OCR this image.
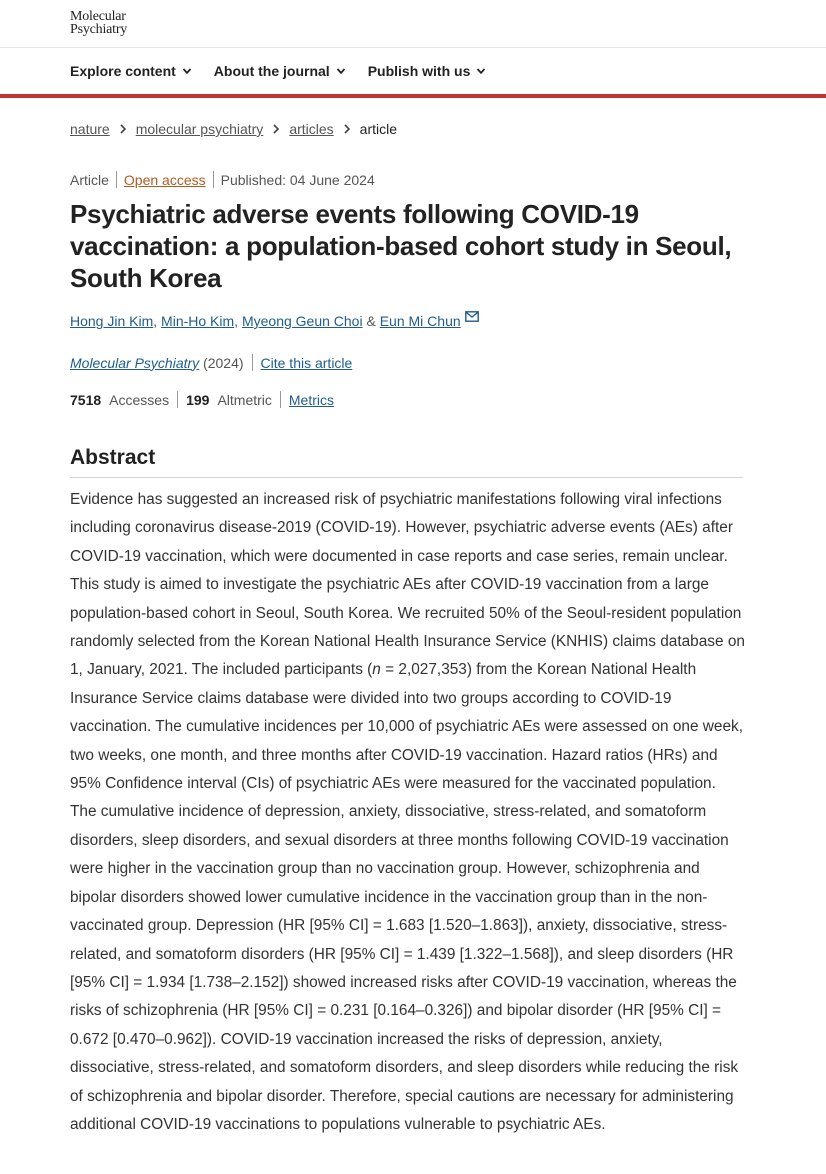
Molecular
Psychiatry
Explore content	About the journal	Publish with us
nature molecular psychiatry articles article
Article Open access Published: 04 June 2024
Psychiatric adverse events following COVID-19 vaccination: a population-based cohort study in Seoul, South Korea
Hong Jin Kim ,
Min-Ho Kim ,
Myeong Geun Choi
&
Eun Mi Chun
Molecular Psychiatry
(2024) Cite this article
7518 Accesses 199 Altmetric Metrics
Abstract

Evidence has suggested an increased risk of psychiatric manifestations following viral infections including coronavirus disease-2019 (COVID-19). However, psychiatric adverse events (AEs) after COVID-19 vaccination, which were documented in case reports and case series, remain unclear. This study is aimed to investigate the psychiatric AEs after COVID-19 vaccination from a large population-based cohort in Seoul, South Korea. We recruited 50% of the Seoul-resident population randomly selected from the Korean National Health Insurance Service (KNHIS) claims database on 1, January, 2021. The included participants (n = 2,027,353) from the Korean National Health Insurance Service claims database were divided into two groups according to COVID-19 vaccination. The cumulative incidences per 10,000 of psychiatric AEs were assessed on one week, two weeks, one month, and three months after COVID-19 vaccination. Hazard ratios (HRs) and 95% Confidence interval (CIs) of psychiatric AEs were measured for the vaccinated population. The cumulative incidence of depression, anxiety, dissociative, stress-related, and somatoform disorders, sleep disorders, and sexual disorders at three months following COVID-19 vaccination were higher in the vaccination group than no vaccination group. However, schizophrenia and bipolar disorders showed lower cumulative incidence in the vaccination group than in the non-vaccinated group. Depression (HR [95% CI] = 1.683 [1.520–1.863]), anxiety, dissociative, stress-related, and somatoform disorders (HR [95% CI] = 1.439 [1.322–1.568]), and sleep disorders (HR [95% CI] = 1.934 [1.738–2.152]) showed increased risks after COVID-19 vaccination, whereas the risks of schizophrenia (HR [95% CI] = 0.231 [0.164–0.326]) and bipolar disorder (HR [95% CI] = 0.672 [0.470–0.962]). COVID-19 vaccination increased the risks of depression, anxiety, dissociative, stress-related, and somatoform disorders, and sleep disorders while reducing the risk of schizophrenia and bipolar disorder. Therefore, special cautions are necessary for administering additional COVID-19 vaccinations to populations vulnerable to psychiatric AEs.
